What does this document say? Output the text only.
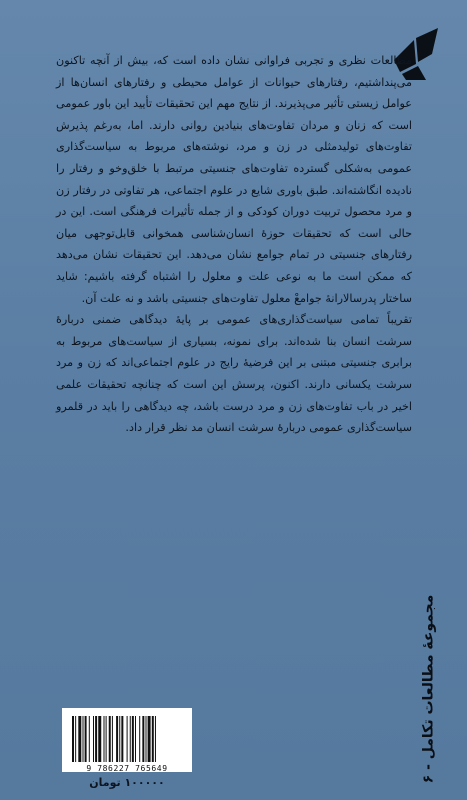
مطالعات نظری و تجربی فراوانی نشان داده است که، بیش از آنچه تاکنون می‌پنداشتیم، رفتارهای حیوانات از عوامل محیطی و رفتارهای انسان‌ها از عوامل زیستی تأثیر می‌پذیرند. از نتایج مهم این تحقیقات تأیید این باور عمومی است که زنان و مردان تفاوت‌های بنیادین روانی دارند. اما، به‌رغم پذیرش تفاوت‌های تولیدمثلی در زن و مرد، نوشته‌های مربوط به سیاست‌گذاری عمومی به‌شکلی گسترده تفاوت‌های جنسیتی مرتبط با خلق‌وخو و رفتار را نادیده انگاشته‌اند. طبق باوری شایع در علوم اجتماعی، هر تفاوتی در رفتار زن و مرد محصول تربیت دوران کودکی و از جمله تأثیرات فرهنگی است. این در حالی است که تحقیقات حوزهٔ انسان‌شناسی همخوانی قابل‌توجهی میان رفتارهای جنسیتی در تمام جوامع نشان می‌دهد. این تحقیقات نشان می‌دهد که ممکن است ما به نوعی علت و معلول را اشتباه گرفته باشیم: شاید ساختار پدرسالارانهٔ جوامعْ معلول تفاوت‌های جنسیتی باشد و نه علت آن.

تقریباً تمامی سیاست‌گذاری‌های عمومی بر پایهٔ دیدگاهی ضمنی دربارهٔ سرشت انسان بنا شده‌اند. برای نمونه، بسیاری از سیاست‌های مربوط به برابری جنسیتی مبتنی بر این فرضیهٔ رایج در علوم اجتماعی‌اند که زن و مرد سرشت یکسانی دارند. اکنون، پرسش این است که چنانچه تحقیقات علمی اخیر در باب تفاوت‌های زن و مرد درست باشد، چه دیدگاهی را باید در قلمرو سیاست‌گذاری عمومی دربارهٔ سرشت انسان مد نظر قرار داد.

مجموعهٔ مطالعات تکامل - ۶
9 786227 765649
۱۰۰۰۰۰ تومان
